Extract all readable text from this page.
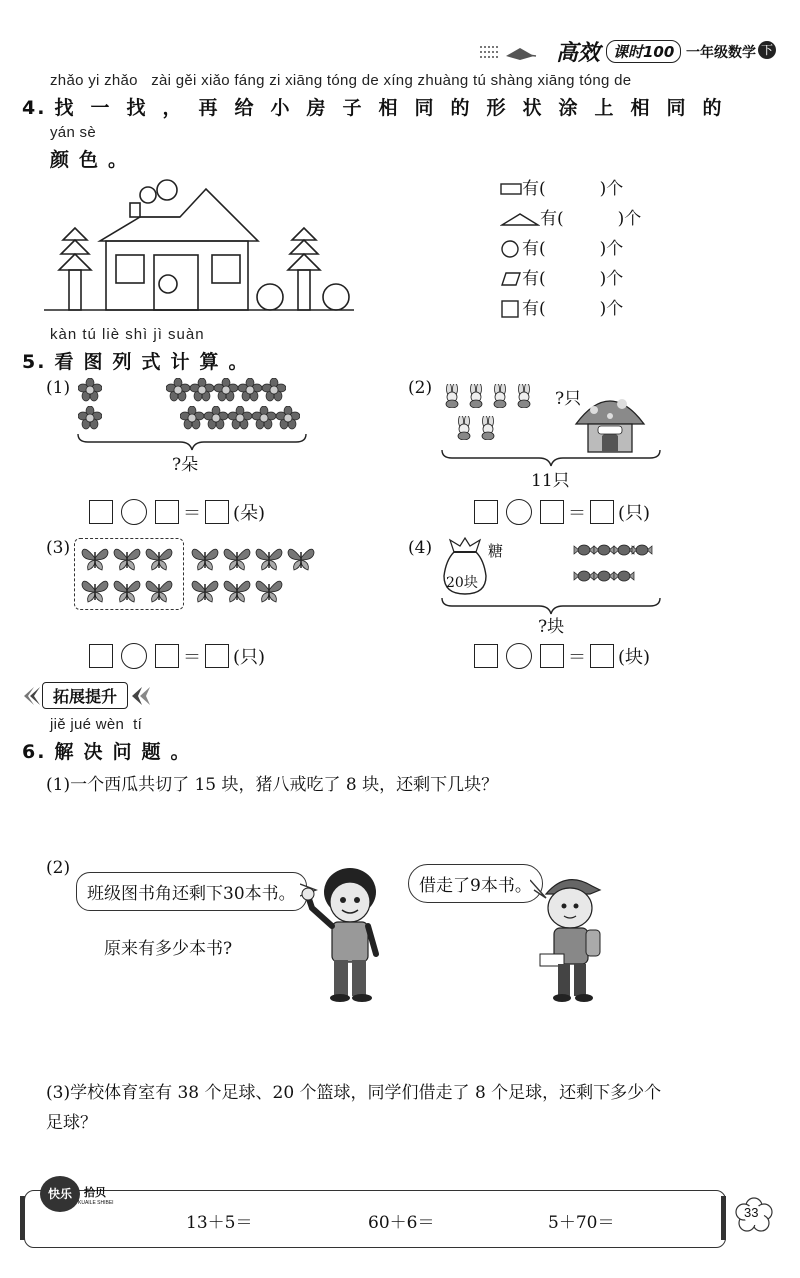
高效 课时100 一年级数学 下
zhǎo yi zhǎo   zài gěi xiǎo fáng zi xiāng tóng de xíng zhuàng tú shàng xiāng tóng de
4. 找一找，再给小房子相同的形状涂上相同的
yán sè
颜色。
有(          )个
有(          )个
有(          )个
有(          )个
有(          )个
kàn tú liè shì jì suàn
5. 看图列式计算。
(1)
?朵
＝ (朵)
(2)
?只
11只
＝ (只)
(3)
＝ (只)
(4)
20块
糖
?块
＝ (块)
拓展提升
jiě jué wèn  tí
6. 解决问题。
(1)一个西瓜共切了 15 块，猪八戒吃了 8 块，还剩下几块？
(2)
班级图书角还剩下30本书。
原来有多少本书?
借走了9本书。
(3)学校体育室有 38 个足球、20 个篮球，同学们借走了 8 个足球，还剩下多少个
足球？
快乐	拾贝
KUAILE SHIBEI
13＋5＝	60＋6＝	5＋70＝
33
